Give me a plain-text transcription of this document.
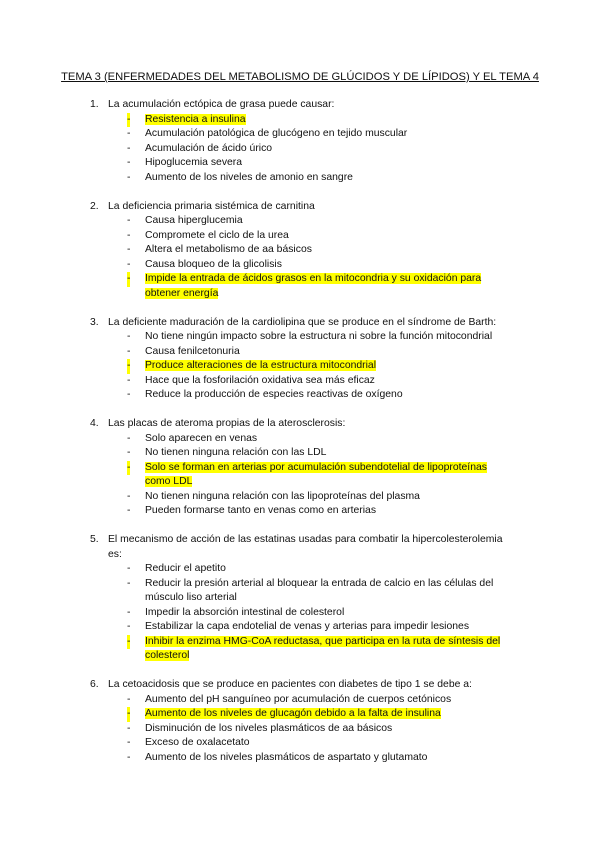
TEMA 3 (ENFERMEDADES DEL METABOLISMO DE GLÚCIDOS Y DE LÍPIDOS) Y EL TEMA 4
1. La acumulación ectópica de grasa puede causar:
- Resistencia a insulina
- Acumulación patológica de glucógeno en tejido muscular
- Acumulación de ácido úrico
- Hipoglucemia severa
- Aumento de los niveles de amonio en sangre
2. La deficiencia primaria sistémica de carnitina
- Causa hiperglucemia
- Compromete el ciclo de la urea
- Altera el metabolismo de aa básicos
- Causa bloqueo de la glicolisis
- Impide la entrada de ácidos grasos en la mitocondria y su oxidación para obtener energía
3. La deficiente maduración de la cardiolipina que se produce en el síndrome de Barth:
- No tiene ningún impacto sobre la estructura ni sobre la función mitocondrial
- Causa fenilcetonuria
- Produce alteraciones de la estructura mitocondrial
- Hace que la fosforilación oxidativa sea más eficaz
- Reduce la producción de especies reactivas de oxígeno
4. Las placas de ateroma propias de la aterosclerosis:
- Solo aparecen en venas
- No tienen ninguna relación con las LDL
- Solo se forman en arterias por acumulación subendotelial de lipoproteínas como LDL
- No tienen ninguna relación con las lipoproteínas del plasma
- Pueden formarse tanto en venas como en arterias
5. El mecanismo de acción de las estatinas usadas para combatir la hipercolesterolemia es:
- Reducir el apetito
- Reducir la presión arterial al bloquear la entrada de calcio en las células del músculo liso arterial
- Impedir la absorción intestinal de colesterol
- Estabilizar la capa endotelial de venas y arterias para impedir lesiones
- Inhibir la enzima HMG-CoA reductasa, que participa en la ruta de síntesis del colesterol
6. La cetoacidosis que se produce en pacientes con diabetes de tipo 1 se debe a:
- Aumento del pH sanguíneo por acumulación de cuerpos cetónicos
- Aumento de los niveles de glucagón debido a la falta de insulina
- Disminución de los niveles plasmáticos de aa básicos
- Exceso de oxalacetato
- Aumento de los niveles plasmáticos de aspartato y glutamato
